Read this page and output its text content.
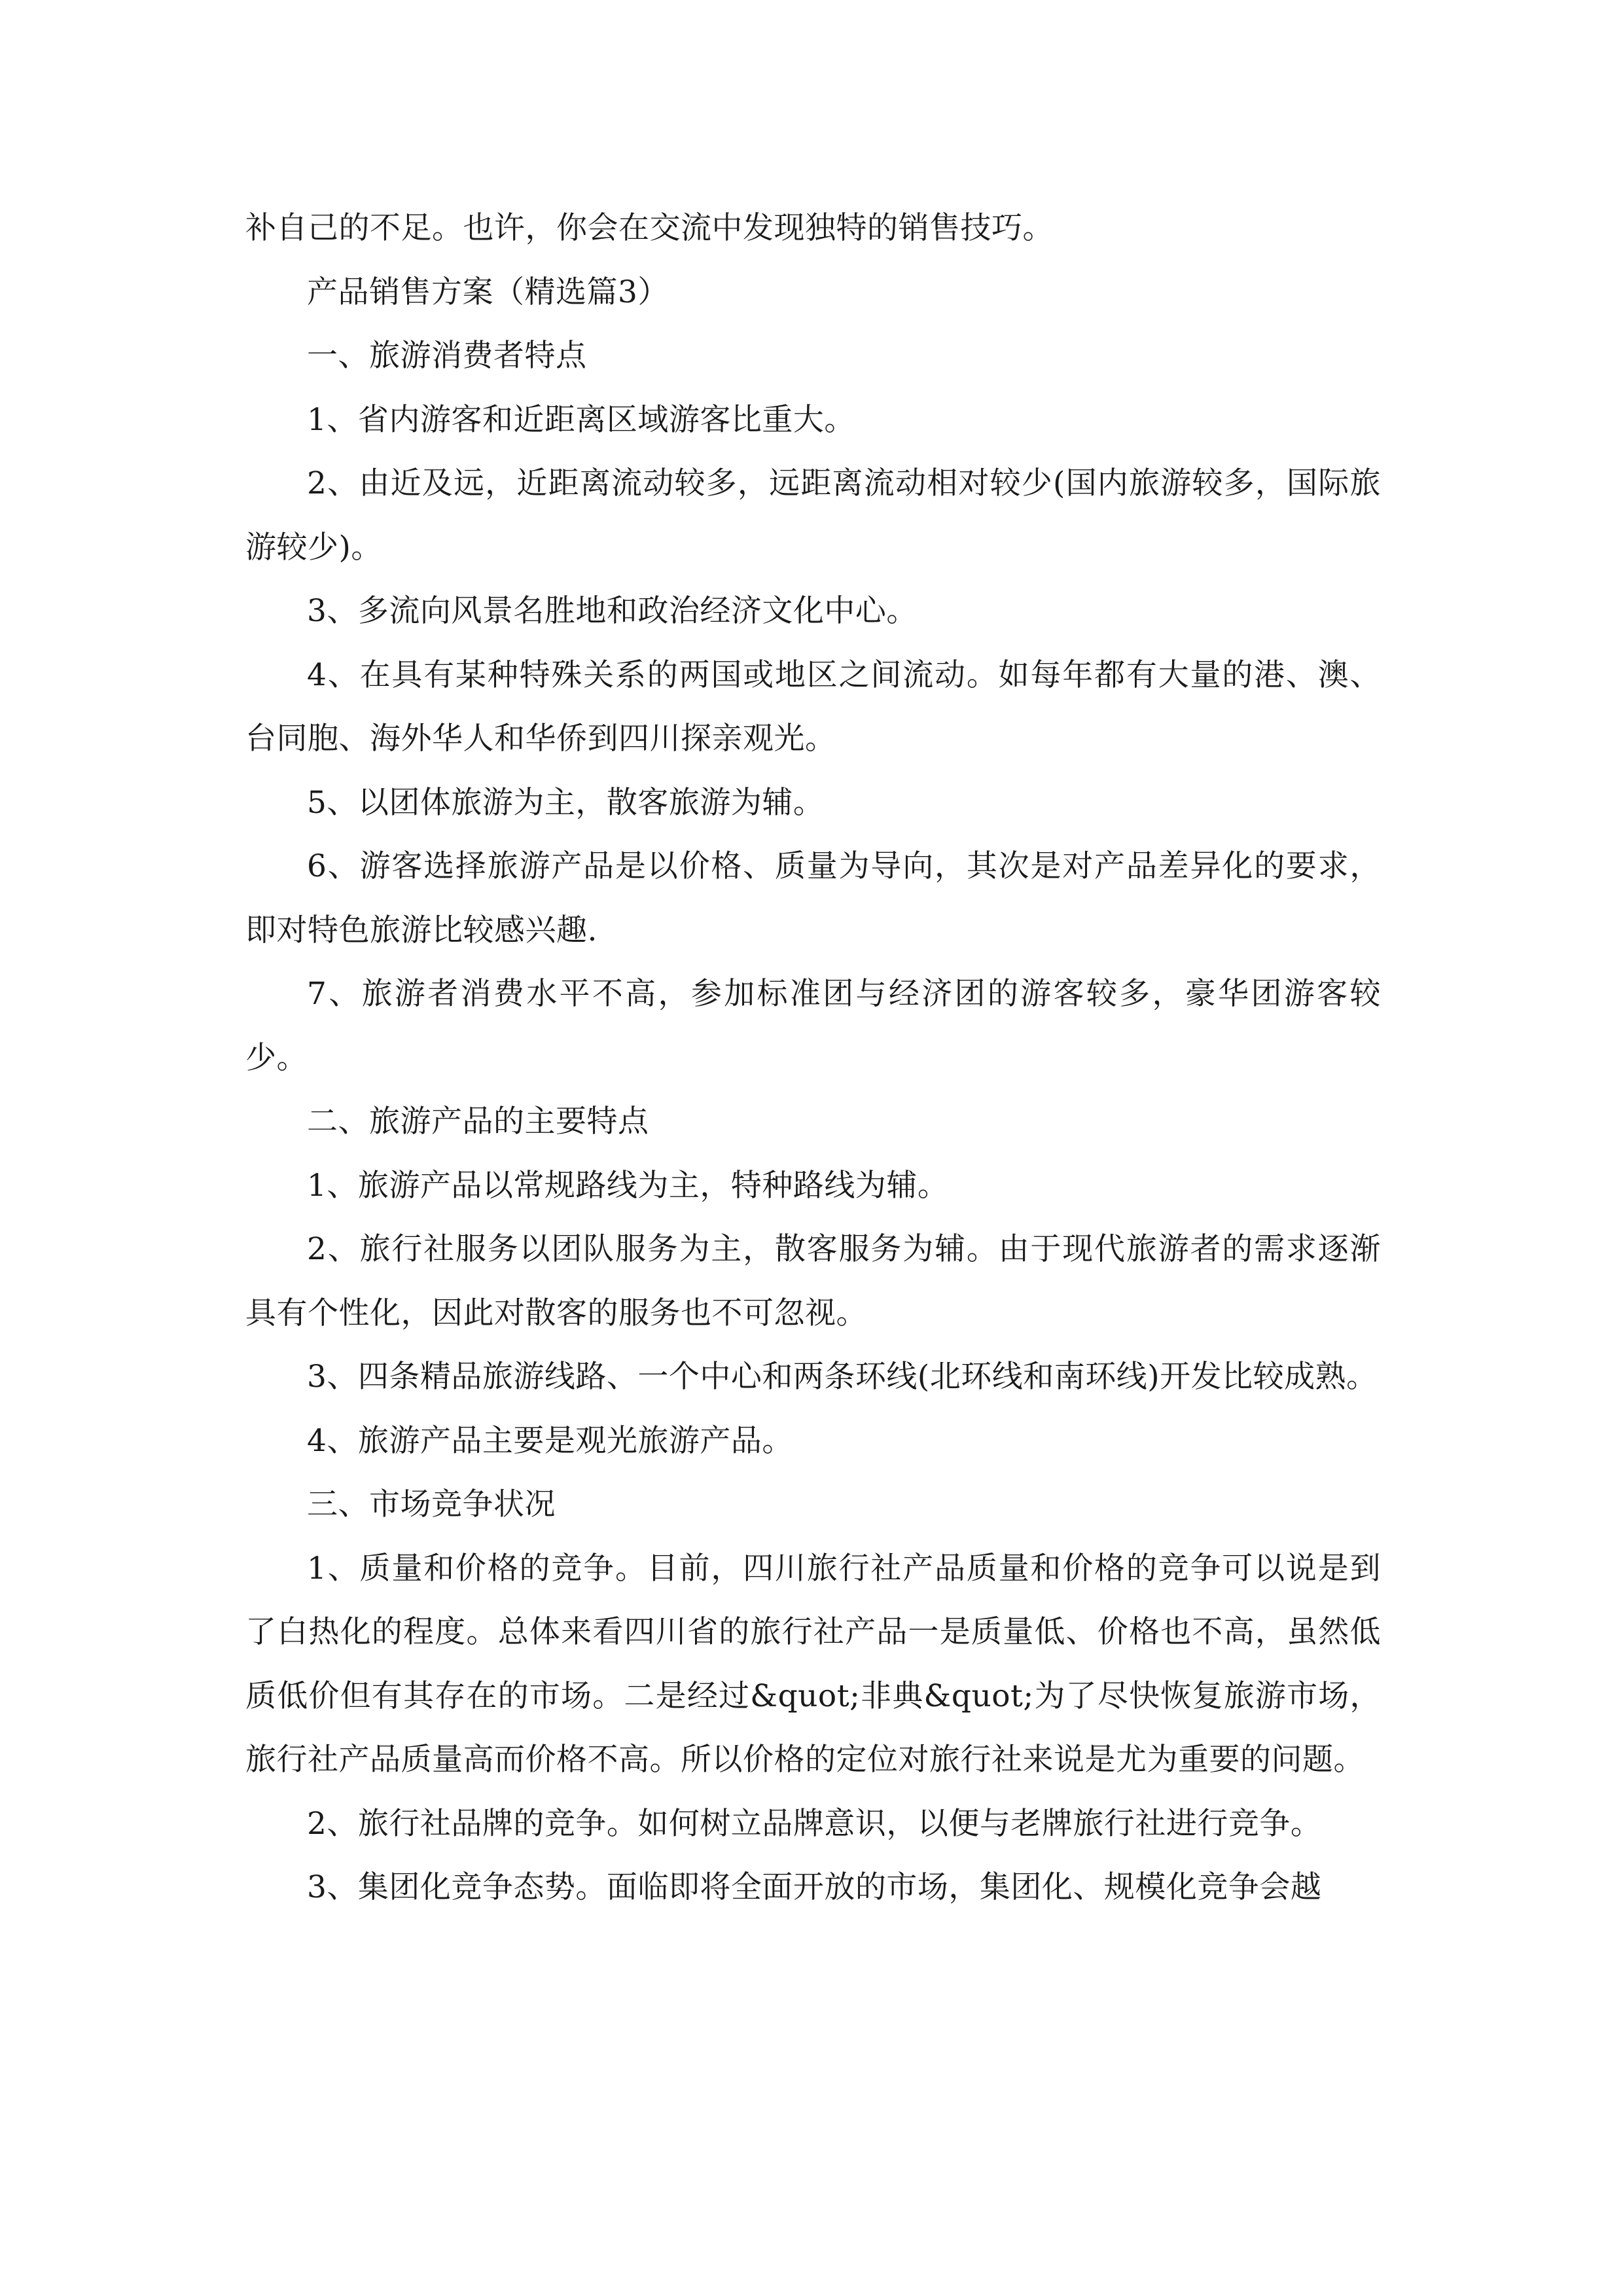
补自己的不足。也许，你会在交流中发现独特的销售技巧。

产品销售方案（精选篇3）

一、旅游消费者特点

1、省内游客和近距离区域游客比重大。

2、由近及远，近距离流动较多，远距离流动相对较少(国内旅游较多，国际旅游较少)。

3、多流向风景名胜地和政治经济文化中心。

4、在具有某种特殊关系的两国或地区之间流动。如每年都有大量的港、澳、台同胞、海外华人和华侨到四川探亲观光。

5、以团体旅游为主，散客旅游为辅。

6、游客选择旅游产品是以价格、质量为导向，其次是对产品差异化的要求，即对特色旅游比较感兴趣.

7、旅游者消费水平不高，参加标准团与经济团的游客较多，豪华团游客较少。

二、旅游产品的主要特点

1、旅游产品以常规路线为主，特种路线为辅。

2、旅行社服务以团队服务为主，散客服务为辅。由于现代旅游者的需求逐渐具有个性化，因此对散客的服务也不可忽视。

3、四条精品旅游线路、一个中心和两条环线(北环线和南环线)开发比较成熟。

4、旅游产品主要是观光旅游产品。

三、市场竞争状况

1、质量和价格的竞争。目前，四川旅行社产品质量和价格的竞争可以说是到了白热化的程度。总体来看四川省的旅行社产品一是质量低、价格也不高，虽然低质低价但有其存在的市场。二是经过&quot;非典&quot;为了尽快恢复旅游市场，旅行社产品质量高而价格不高。所以价格的定位对旅行社来说是尤为重要的问题。

2、旅行社品牌的竞争。如何树立品牌意识，以便与老牌旅行社进行竞争。

3、集团化竞争态势。面临即将全面开放的市场，集团化、规模化竞争会越
